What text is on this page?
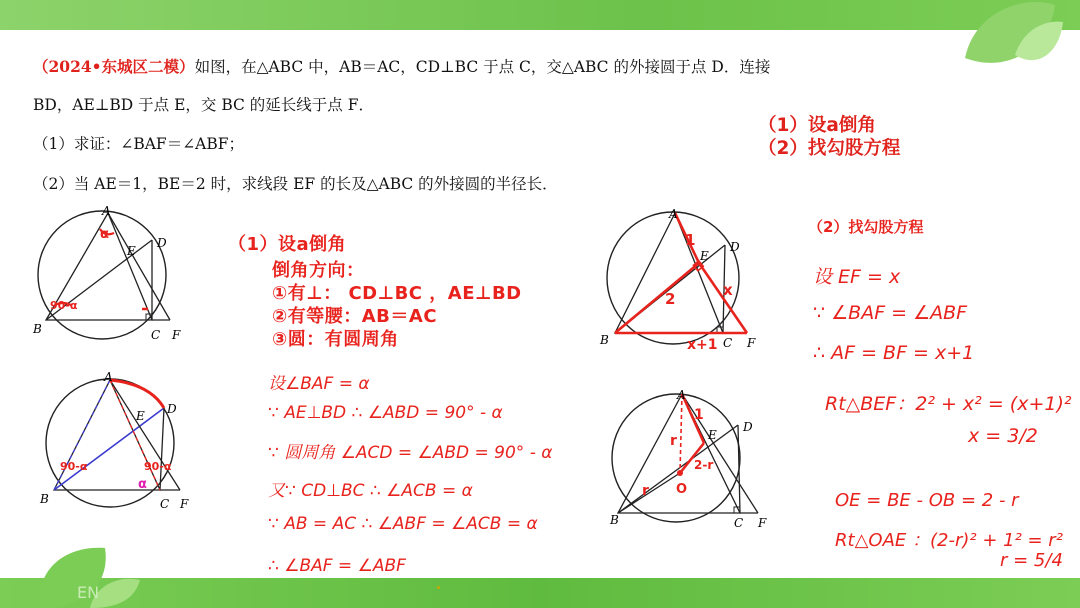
EN
（2024•东城区二模）如图，在△ABC 中，AB＝AC，CD⊥BC 于点 C，交△ABC 的外接圆于点 D．连接
BD，AE⊥BD 于点 E，交 BC 的延长线于点 F．
（1）求证：∠BAF＝∠ABF；
（2）当 AE＝1，BE＝2 时，求线段 EF 的长及△ABC 的外接圆的半径长．
（1）设a倒角
（2）找勾股方程
A
B	C
D
E
F
α
90-α
A
B	C
D
E
F
90-α	90-α
α
A
B	C
D
E
F
1
2	x
x+1
A
B	C
D
E
F
O
1
r
r
2-r
（1）设a倒角
倒角方向：
①有⊥： CD⊥BC ，AE⊥BD
②有等腰：AB＝AC
③圆：有圆周角
设∠BAF = α
∵ AE⊥BD ∴ ∠ABD = 90° - α
∵ 圆周角 ∠ACD = ∠ABD = 90° - α
又∵ CD⊥BC ∴ ∠ACB = α
∵ AB = AC ∴ ∠ABF = ∠ACB = α
∴ ∠BAF = ∠ABF
（2）找勾股方程
设 EF = x
∵ ∠BAF = ∠ABF
∴ AF = BF = x+1
Rt△BEF：2² + x² = (x+1)²
x = 3/2
OE = BE - OB = 2 - r
Rt△OAE ：(2-r)² + 1² = r²
r = 5/4
